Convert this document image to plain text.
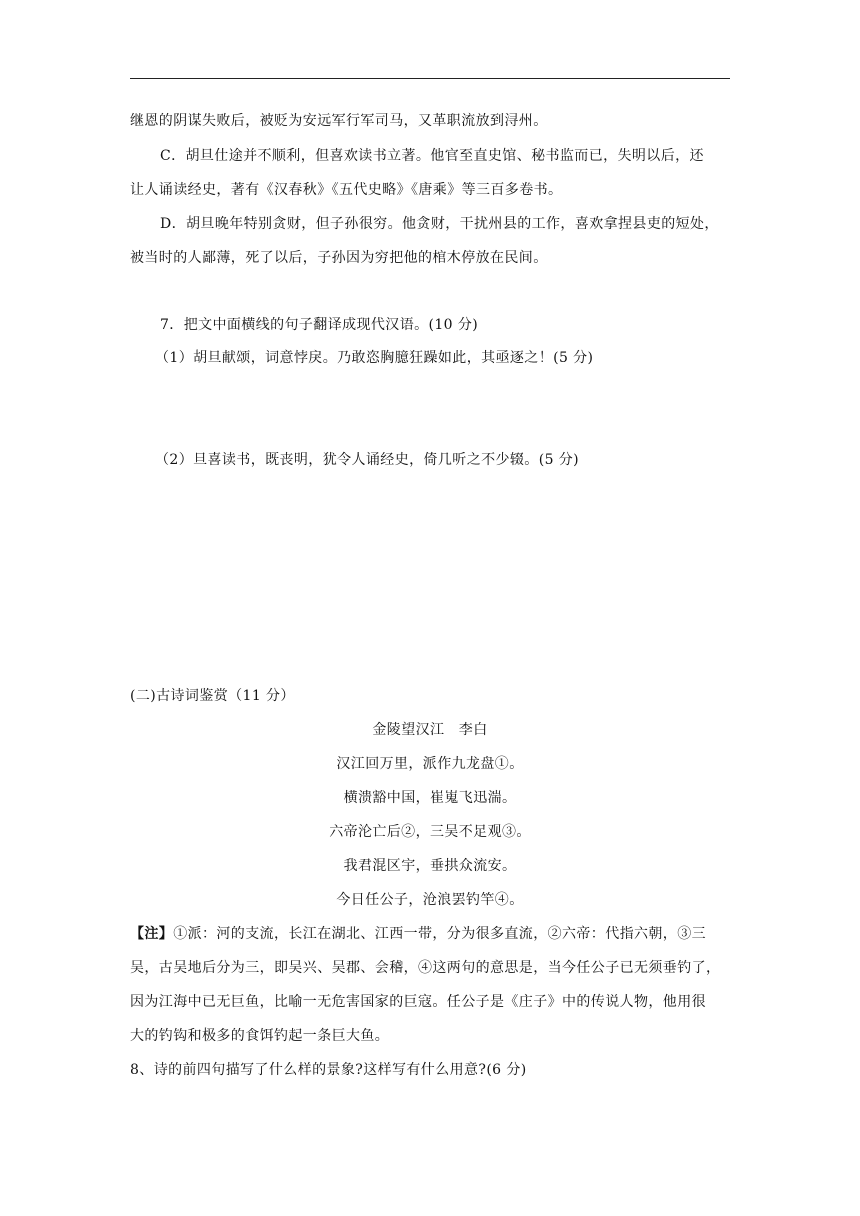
继恩的阴谋失败后，被贬为安远军行军司马，又革职流放到浔州。
C．胡旦仕途并不顺利，但喜欢读书立著。他官至直史馆、秘书监而已，失明以后，还
让人诵读经史，著有《汉春秋》《五代史略》《唐乘》等三百多卷书。
D．胡旦晚年特别贪财，但子孙很穷。他贪财，干扰州县的工作，喜欢拿捏县吏的短处，
被当时的人鄙薄，死了以后，子孙因为穷把他的棺木停放在民间。
7．把文中面横线的句子翻译成现代汉语。(10 分)
（1）胡旦献颂，词意悖戾。乃敢恣胸臆狂躁如此，其亟逐之！(5 分)
（2）旦喜读书，既丧明，犹令人诵经史，倚几听之不少辍。(5 分)
(二)古诗词鉴赏（11 分）
金陵望汉江　李白
汉江回万里，派作九龙盘①。
横溃豁中国，崔嵬飞迅湍。
六帝沦亡后②，三吴不足观③。
我君混区宇，垂拱众流安。
今日任公子，沧浪罢钓竿④。
【注】①派：河的支流，长江在湖北、江西一带，分为很多直流，②六帝：代指六朝，③三
吴，古吴地后分为三，即吴兴、吴郡、会稽，④这两句的意思是，当今任公子已无须垂钓了，
因为江海中已无巨鱼，比喻一无危害国家的巨寇。任公子是《庄子》中的传说人物，他用很
大的钓钩和极多的食饵钓起一条巨大鱼。
8、诗的前四句描写了什么样的景象?这样写有什么用意?(6 分)
